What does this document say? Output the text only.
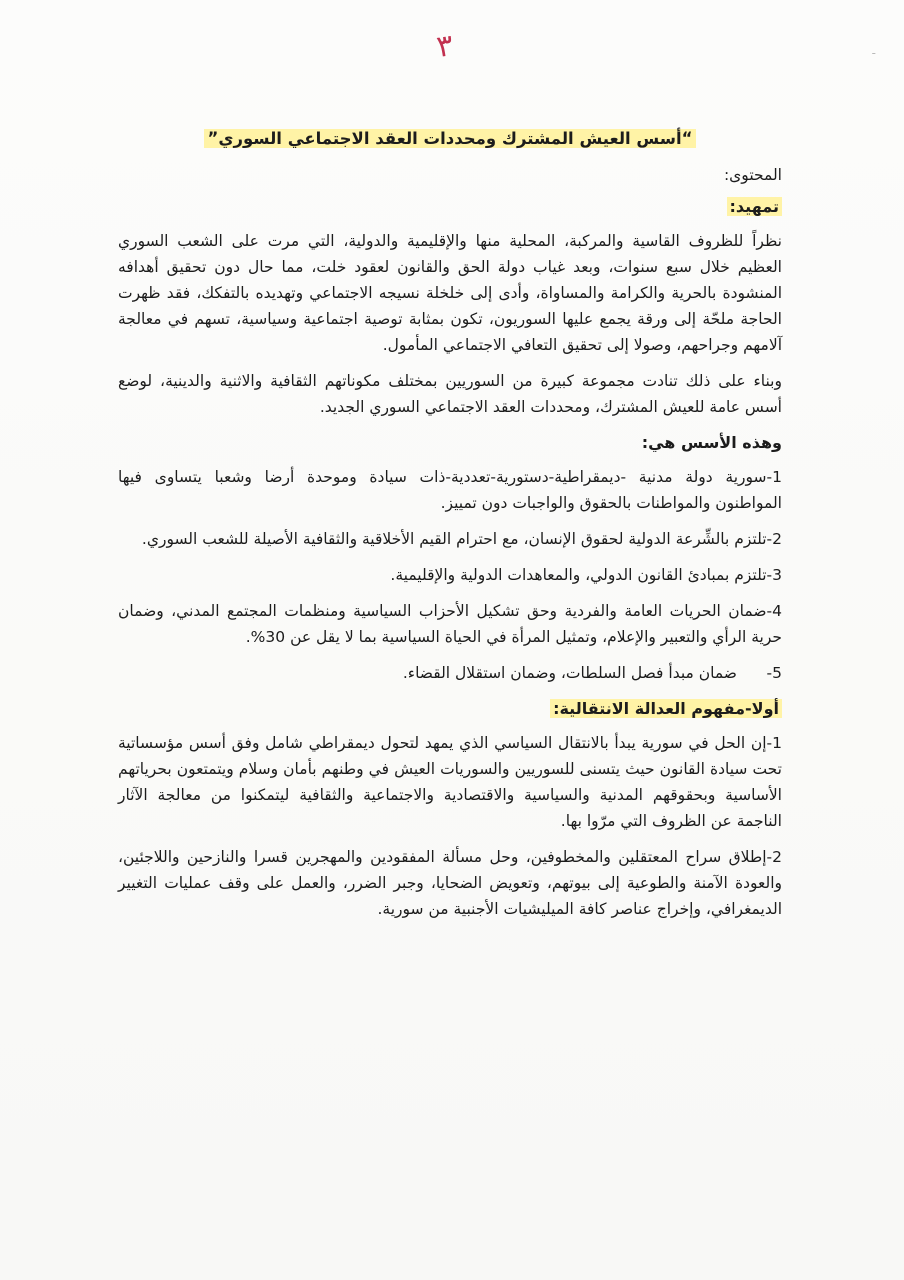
٣	-
“أسس العيش المشترك ومحددات العقد الاجتماعي السوري”
المحتوى:
تمهيد:

نظراً للظروف القاسية والمركبة، المحلية منها والإقليمية والدولية، التي مرت على الشعب السوري العظيم خلال سبع سنوات، وبعد غياب دولة الحق والقانون لعقود خلت، مما حال دون تحقيق أهدافه المنشودة بالحرية والكرامة والمساواة، وأدى إلى خلخلة نسيجه الاجتماعي وتهديده بالتفكك، فقد ظهرت الحاجة ملحّة إلى ورقة يجمع عليها السوريون، تكون بمثابة توصية اجتماعية وسياسية، تسهم في معالجة آلامهم وجراحهم، وصولا إلى تحقيق التعافي الاجتماعي المأمول.

وبناء على ذلك تنادت مجموعة كبيرة من السوريين بمختلف مكوناتهم الثقافية والاثنية والدينية، لوضع أسس عامة للعيش المشترك، ومحددات العقد الاجتماعي السوري الجديد.

وهذه الأسس هي:

1-سورية دولة مدنية -ديمقراطية-دستورية-تعددية-ذات سيادة وموحدة أرضا وشعبا يتساوى فيها المواطنون والمواطنات بالحقوق والواجبات دون تمييز.

2-تلتزم بالشِّرعة الدولية لحقوق الإنسان، مع احترام القيم الأخلاقية والثقافية الأصيلة للشعب السوري.

3-تلتزم بمبادئ القانون الدولي، والمعاهدات الدولية والإقليمية.

4-ضمان الحريات العامة والفردية وحق تشكيل الأحزاب السياسية ومنظمات المجتمع المدني، وضمان حرية الرأي والتعبير والإعلام، وتمثيل المرأة في الحياة السياسية بما لا يقل عن 30%.

5-      ضمان مبدأ فصل السلطات، وضمان استقلال القضاء.
أولا-مفهوم العدالة الانتقالية:

1-إن الحل في سورية يبدأ بالانتقال السياسي الذي يمهد لتحول ديمقراطي شامل وفق أسس مؤسساتية تحت سيادة القانون حيث يتسنى للسوريين والسوريات العيش في وطنهم بأمان وسلام ويتمتعون بحرياتهم الأساسية وبحقوقهم المدنية والسياسية والاقتصادية والاجتماعية والثقافية ليتمكنوا من معالجة الآثار الناجمة عن الظروف التي مرّوا بها.

2-إطلاق سراح المعتقلين والمخطوفين، وحل مسألة المفقودين والمهجرين قسرا والنازحين واللاجئين، والعودة الآمنة والطوعية إلى بيوتهم، وتعويض الضحايا، وجبر الضرر، والعمل على وقف عمليات التغيير الديمغرافي، وإخراج عناصر كافة الميليشيات الأجنبية من سورية.
